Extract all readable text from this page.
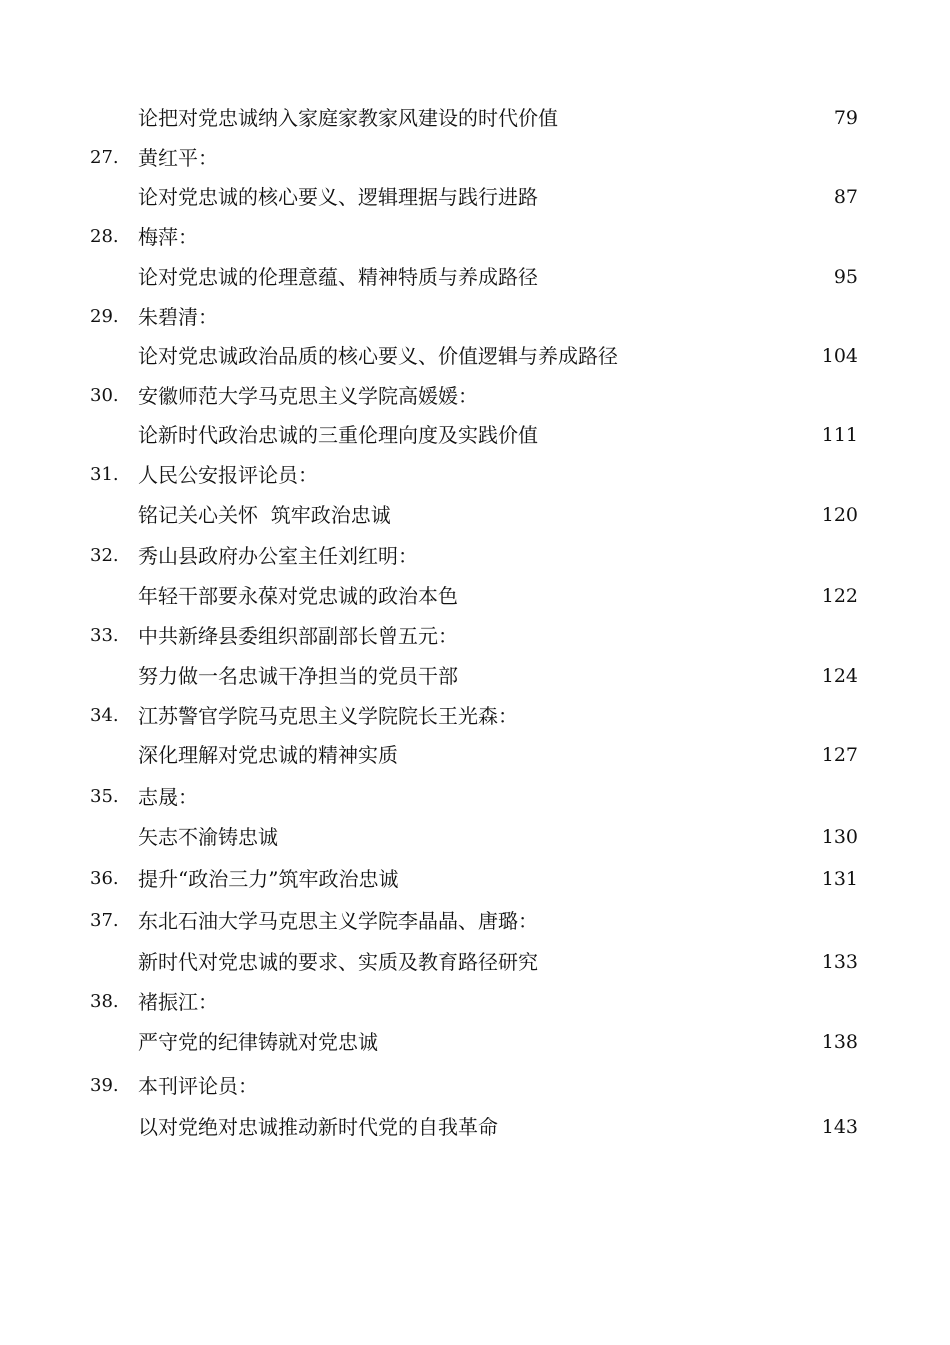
论把对党忠诚纳入家庭家教家风建设的时代价值	79
27. 黄红平：
论对党忠诚的核心要义、逻辑理据与践行进路	87
28. 梅萍：
论对党忠诚的伦理意蕴、精神特质与养成路径	95
29. 朱碧清：
论对党忠诚政治品质的核心要义、价值逻辑与养成路径	104
30. 安徽师范大学马克思主义学院高媛媛：
论新时代政治忠诚的三重伦理向度及实践价值	111
31. 人民公安报评论员：
铭记关心关怀  筑牢政治忠诚	120
32. 秀山县政府办公室主任刘红明：
年轻干部要永葆对党忠诚的政治本色	122
33. 中共新绛县委组织部副部长曾五元：
努力做一名忠诚干净担当的党员干部	124
34. 江苏警官学院马克思主义学院院长王光森：
深化理解对党忠诚的精神实质	127
35. 志晟：
矢志不渝铸忠诚	130
36. 提升“政治三力”筑牢政治忠诚	131
37. 东北石油大学马克思主义学院李晶晶、唐璐：
新时代对党忠诚的要求、实质及教育路径研究	133
38. 褚振江：
严守党的纪律铸就对党忠诚	138
39. 本刊评论员：
以对党绝对忠诚推动新时代党的自我革命	143
